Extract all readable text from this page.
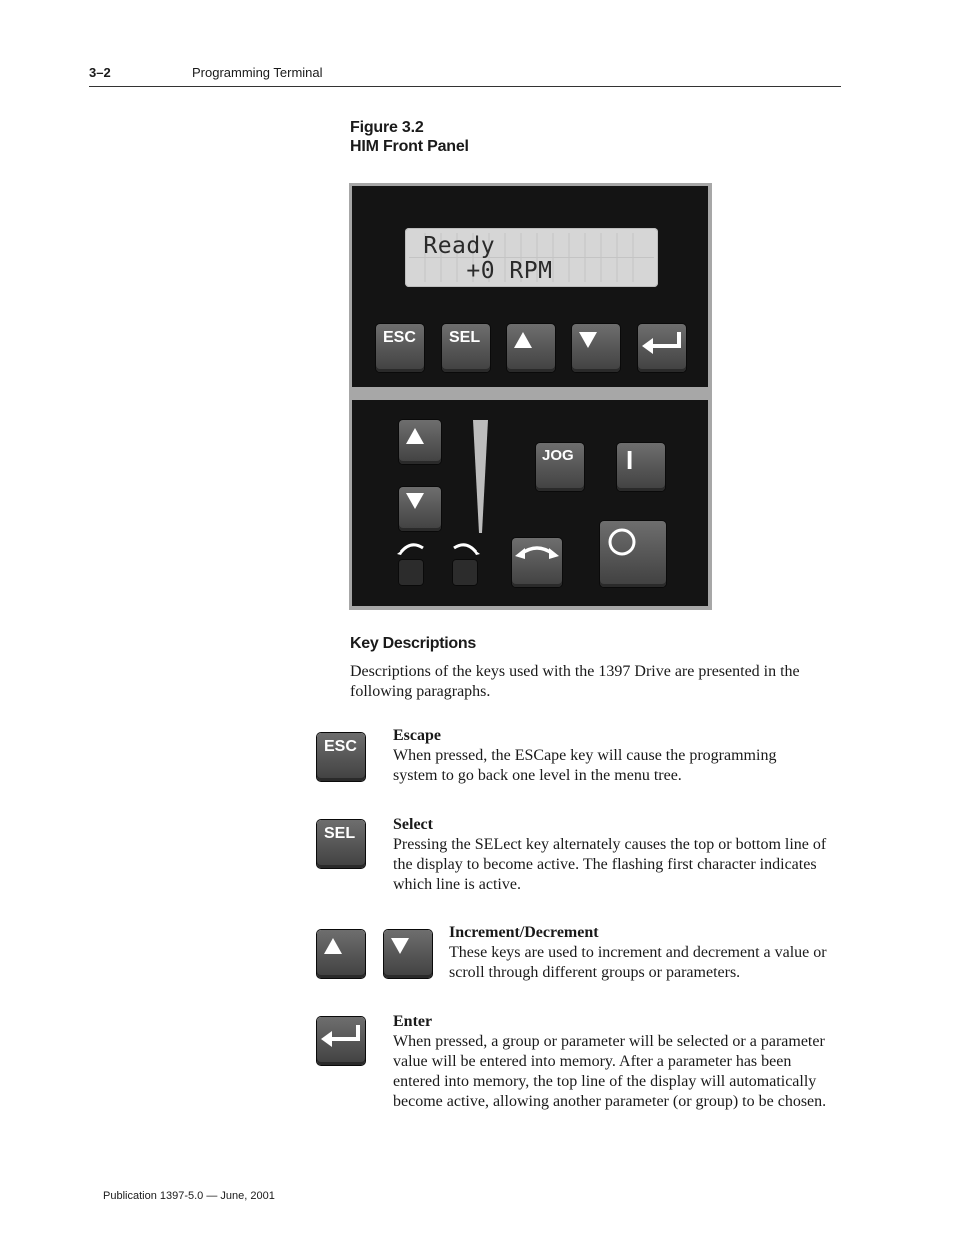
3–2	Programming Terminal
Figure 3.2
HIM Front Panel
Ready
+0 RPM
ESC	SEL
JOG	I
Key Descriptions
Descriptions of the keys used with the 1397 Drive are presented in the following paragraphs.
ESC
Escape
When pressed, the ESCape key will cause the programming system to go back one level in the menu tree.
SEL
Select
Pressing the SELect key alternately causes the top or bottom line of the display to become active. The flashing first character indicates which line is active.
Increment/Decrement
These keys are used to increment and decrement a value or scroll through different groups or parameters.
Enter
When pressed, a group or parameter will be selected or a parameter value will be entered into memory. After a parameter has been entered into memory, the top line of the display will automatically become active, allowing another parameter (or group) to be chosen.
Publication 1397-5.0 — June, 2001
